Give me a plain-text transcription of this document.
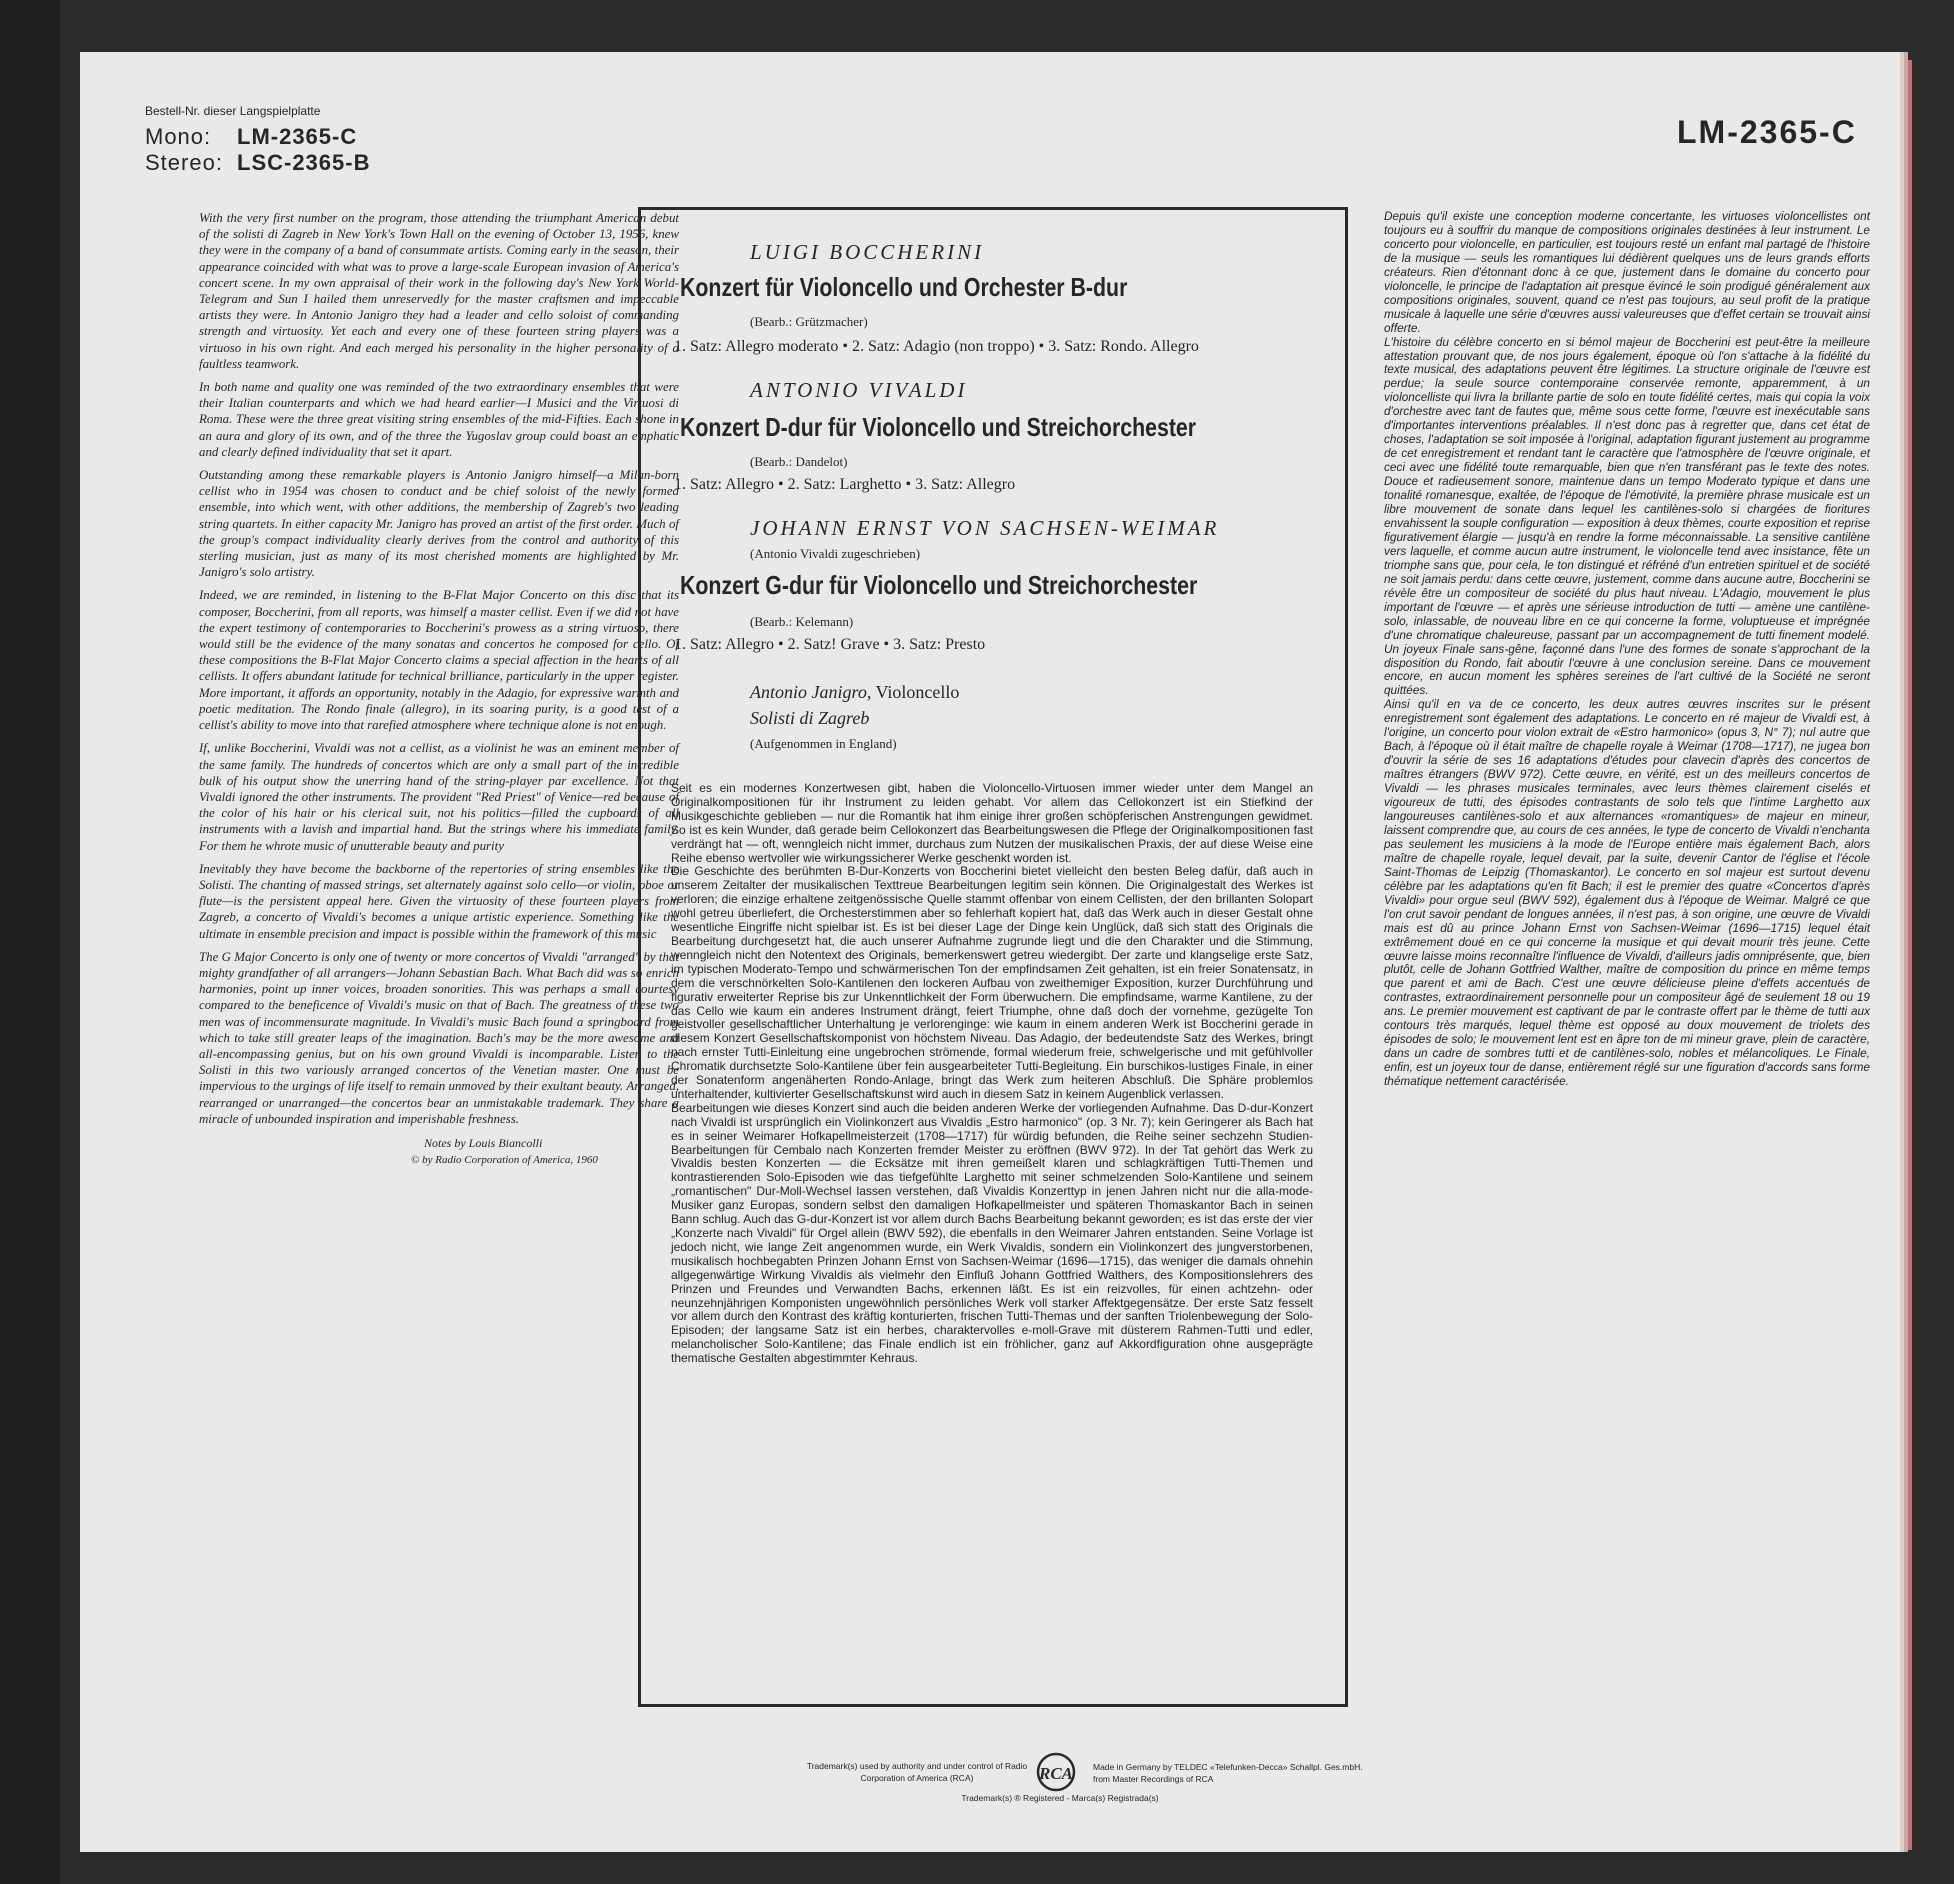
Bestell-Nr. dieser Langspielplatte
Mono: LM-2365-C
Stereo: LSC-2365-B
LM-2365-C

With the very first number on the program, those attending the triumphant American debut of the solisti di Zagreb in New York's Town Hall on the evening of October 13, 1956, knew they were in the company of a band of consummate artists. Coming early in the season, their appearance coincided with what was to prove a large-scale European invasion of America's concert scene. In my own appraisal of their work in the following day's New York World-Telegram and Sun I hailed them unreservedly for the master craftsmen and impeccable artists they were. In Antonio Janigro they had a leader and cello soloist of commanding strength and virtuosity. Yet each and every one of these fourteen string players was a virtuoso in his own right. And each merged his personality in the higher personality of a faultless teamwork.

In both name and quality one was reminded of the two extraordinary ensembles that were their Italian counterparts and which we had heard earlier—I Musici and the Virtuosi di Roma. These were the three great visiting string ensembles of the mid-Fifties. Each shone in an aura and glory of its own, and of the three the Yugoslav group could boast an emphatic and clearly defined individuality that set it apart.

Outstanding among these remarkable players is Antonio Janigro himself—a Milan-born cellist who in 1954 was chosen to conduct and be chief soloist of the newly formed ensemble, into which went, with other additions, the membership of Zagreb's two leading string quartets. In either capacity Mr. Janigro has proved an artist of the first order. Much of the group's compact individuality clearly derives from the control and authority of this sterling musician, just as many of its most cherished moments are highlighted by Mr. Janigro's solo artistry.

Indeed, we are reminded, in listening to the B-Flat Major Concerto on this disc that its composer, Boccherini, from all reports, was himself a master cellist. Even if we did not have the expert testimony of contemporaries to Boccherini's prowess as a string virtuoso, there would still be the evidence of the many sonatas and concertos he composed for cello. Of these compositions the B-Flat Major Concerto claims a special affection in the hearts of all cellists. It offers abundant latitude for technical brilliance, particularly in the upper register. More important, it affords an opportunity, notably in the Adagio, for expressive warmth and poetic meditation. The Rondo finale (allegro), in its soaring purity, is a good test of a cellist's ability to move into that rarefied atmosphere where technique alone is not enough.

If, unlike Boccherini, Vivaldi was not a cellist, as a violinist he was an eminent member of the same family. The hundreds of concertos which are only a small part of the incredible bulk of his output show the unerring hand of the string-player par excellence. Not that Vivaldi ignored the other instruments. The provident "Red Priest" of Venice—red because of the color of his hair or his clerical suit, not his politics—filled the cupboards of all instruments with a lavish and impartial hand. But the strings where his immediate family. For them he whrote music of unutterable beauty and purity

Inevitably they have become the backborne of the repertories of string ensembles like the Solisti. The chanting of massed strings, set alternately against solo cello—or violin, oboe or flute—is the persistent appeal here. Given the virtuosity of these fourteen players from Zagreb, a concerto of Vivaldi's becomes a unique artistic experience. Something like the ultimate in ensemble precision and impact is possible within the framework of this music

The G Major Concerto is only one of twenty or more concertos of Vivaldi "arranged" by that mighty grandfather of all arrangers—Johann Sebastian Bach. What Bach did was so enrich harmonies, point up inner voices, broaden sonorities. This was perhaps a small courtesy compared to the beneficence of Vivaldi's music on that of Bach. The greatness of these two men was of incommensurate magnitude. In Vivaldi's music Bach found a springboard from which to take still greater leaps of the imagination. Bach's may be the more awesome and all-encompassing genius, but on his own ground Vivaldi is incomparable. Listen to the Solisti in this two variously arranged concertos of the Venetian master. One must be impervious to the urgings of life itself to remain unmoved by their exultant beauty. Arranged, rearranged or unarranged—the concertos bear an unmistakable trademark. They share a miracle of unbounded inspiration and imperishable freshness.

Notes by Louis Biancolli
© by Radio Corporation of America, 1960
LUIGI BOCCHERINI
Konzert für Violoncello und Orchester B-dur
(Bearb.: Grützmacher)
1. Satz: Allegro moderato • 2. Satz: Adagio (non troppo) • 3. Satz: Rondo. Allegro
ANTONIO VIVALDI
Konzert D-dur für Violoncello und Streichorchester
(Bearb.: Dandelot)
1. Satz: Allegro • 2. Satz: Larghetto • 3. Satz: Allegro
JOHANN ERNST VON SACHSEN-WEIMAR
(Antonio Vivaldi zugeschrieben)
Konzert G-dur für Violoncello und Streichorchester
(Bearb.: Kelemann)
1. Satz: Allegro • 2. Satz! Grave • 3. Satz: Presto
Antonio Janigro, Violoncello
Solisti di Zagreb
(Aufgenommen in England)

Seit es ein modernes Konzertwesen gibt, haben die Violoncello-Virtuosen immer wieder unter dem Mangel an Originalkompositionen für ihr Instrument zu leiden gehabt. Vor allem das Cellokonzert ist ein Stiefkind der Musikgeschichte geblieben — nur die Romantik hat ihm einige ihrer großen schöpferischen Anstrengungen gewidmet. So ist es kein Wunder, daß gerade beim Cellokonzert das Bearbeitungswesen die Pflege der Originalkompositionen fast verdrängt hat — oft, wenngleich nicht immer, durchaus zum Nutzen der musikalischen Praxis, der auf diese Weise eine Reihe ebenso wertvoller wie wirkungssicherer Werke geschenkt worden ist.

Die Geschichte des berühmten B-Dur-Konzerts von Boccherini bietet vielleicht den besten Beleg dafür, daß auch in unserem Zeitalter der musikalischen Texttreue Bearbeitungen legitim sein können. Die Originalgestalt des Werkes ist verloren; die einzige erhaltene zeitgenössische Quelle stammt offenbar von einem Cellisten, der den brillanten Solopart wohl getreu überliefert, die Orchesterstimmen aber so fehlerhaft kopiert hat, daß das Werk auch in dieser Gestalt ohne wesentliche Eingriffe nicht spielbar ist. Es ist bei dieser Lage der Dinge kein Unglück, daß sich statt des Originals die Bearbeitung durchgesetzt hat, die auch unserer Aufnahme zugrunde liegt und die den Charakter und die Stimmung, wenngleich nicht den Notentext des Originals, bemerkenswert getreu wiedergibt. Der zarte und klangselige erste Satz, im typischen Moderato-Tempo und schwärmerischen Ton der empfindsamen Zeit gehalten, ist ein freier Sonatensatz, in dem die verschnörkelten Solo-Kantilenen den lockeren Aufbau von zweithemiger Exposition, kurzer Durchführung und figurativ erweiterter Reprise bis zur Unkenntlichkeit der Form überwuchern. Die empfindsame, warme Kantilene, zu der das Cello wie kaum ein anderes Instrument drängt, feiert Triumphe, ohne daß doch der vornehme, gezügelte Ton geistvoller gesellschaftlicher Unterhaltung je verlorenginge: wie kaum in einem anderen Werk ist Boccherini gerade in diesem Konzert Gesellschaftskomponist von höchstem Niveau. Das Adagio, der bedeutendste Satz des Werkes, bringt nach ernster Tutti-Einleitung eine ungebrochen strömende, formal wiederum freie, schwelgerische und mit gefühlvoller Chromatik durchsetzte Solo-Kantilene über fein ausgearbeiteter Tutti-Begleitung. Ein burschikos-lustiges Finale, in einer der Sonatenform angenäherten Rondo-Anlage, bringt das Werk zum heiteren Abschluß. Die Sphäre problemlos unterhaltender, kultivierter Gesellschaftskunst wird auch in diesem Satz in keinem Augenblick verlassen.

Bearbeitungen wie dieses Konzert sind auch die beiden anderen Werke der vorliegenden Aufnahme. Das D-dur-Konzert nach Vivaldi ist ursprünglich ein Violinkonzert aus Vivaldis „Estro harmonico" (op. 3 Nr. 7); kein Geringerer als Bach hat es in seiner Weimarer Hofkapellmeisterzeit (1708—1717) für würdig befunden, die Reihe seiner sechzehn Studien-Bearbeitungen für Cembalo nach Konzerten fremder Meister zu eröffnen (BWV 972). In der Tat gehört das Werk zu Vivaldis besten Konzerten — die Ecksätze mit ihren gemeißelt klaren und schlagkräftigen Tutti-Themen und kontrastierenden Solo-Episoden wie das tiefgefühlte Larghetto mit seiner schmelzenden Solo-Kantilene und seinem „romantischen" Dur-Moll-Wechsel lassen verstehen, daß Vivaldis Konzerttyp in jenen Jahren nicht nur die alla-mode-Musiker ganz Europas, sondern selbst den damaligen Hofkapellmeister und späteren Thomaskantor Bach in seinen Bann schlug. Auch das G-dur-Konzert ist vor allem durch Bachs Bearbeitung bekannt geworden; es ist das erste der vier „Konzerte nach Vivaldi" für Orgel allein (BWV 592), die ebenfalls in den Weimarer Jahren entstanden. Seine Vorlage ist jedoch nicht, wie lange Zeit angenommen wurde, ein Werk Vivaldis, sondern ein Violinkonzert des jungverstorbenen, musikalisch hochbegabten Prinzen Johann Ernst von Sachsen-Weimar (1696—1715), das weniger die damals ohnehin allgegenwärtige Wirkung Vivaldis als vielmehr den Einfluß Johann Gottfried Walthers, des Kompositionslehrers des Prinzen und Freundes und Verwandten Bachs, erkennen läßt. Es ist ein reizvolles, für einen achtzehn- oder neunzehnjährigen Komponisten ungewöhnlich persönliches Werk voll starker Affektgegensätze. Der erste Satz fesselt vor allem durch den Kontrast des kräftig konturierten, frischen Tutti-Themas und der sanften Triolenbewegung der Solo-Episoden; der langsame Satz ist ein herbes, charaktervolles e-moll-Grave mit düsterem Rahmen-Tutti und edler, melancholischer Solo-Kantilene; das Finale endlich ist ein fröhlicher, ganz auf Akkordfiguration ohne ausgeprägte thematische Gestalten abgestimmter Kehraus.

Depuis qu'il existe une conception moderne concertante, les virtuoses violoncellistes ont toujours eu à souffrir du manque de compositions originales destinées à leur instrument. Le concerto pour violoncelle, en particulier, est toujours resté un enfant mal partagé de l'histoire de la musique — seuls les romantiques lui dédièrent quelques uns de leurs grands efforts créateurs. Rien d'étonnant donc à ce que, justement dans le domaine du concerto pour violoncelle, le principe de l'adaptation ait presque évincé le soin prodigué généralement aux compositions originales, souvent, quand ce n'est pas toujours, au seul profit de la pratique musicale à laquelle une série d'œuvres aussi valeureuses que d'effet certain se trouvait ainsi offerte.

L'histoire du célèbre concerto en si bémol majeur de Boccherini est peut-être la meilleure attestation prouvant que, de nos jours également, époque où l'on s'attache à la fidélité du texte musical, des adaptations peuvent être légitimes. La structure originale de l'œuvre est perdue; la seule source contemporaine conservée remonte, apparemment, à un violoncelliste qui livra la brillante partie de solo en toute fidélité certes, mais qui copia la voix d'orchestre avec tant de fautes que, même sous cette forme, l'œuvre est inexécutable sans d'importantes interventions préalables. Il n'est donc pas à regretter que, dans cet état de choses, l'adaptation se soit imposée à l'original, adaptation figurant justement au programme de cet enregistrement et rendant tant le caractère que l'atmosphère de l'œuvre originale, et ceci avec une fidélité toute remarquable, bien que n'en transférant pas le texte des notes. Douce et radieusement sonore, maintenue dans un tempo Moderato typique et dans une tonalité romanesque, exaltée, de l'époque de l'émotivité, la première phrase musicale est un libre mouvement de sonate dans lequel les cantilènes-solo si chargées de fioritures envahissent la souple configuration — exposition à deux thèmes, courte exposition et reprise figurativement élargie — jusqu'à en rendre la forme méconnaissable. La sensitive cantilène vers laquelle, et comme aucun autre instrument, le violoncelle tend avec insistance, fête un triomphe sans que, pour cela, le ton distingué et réfréné d'un entretien spirituel et de société ne soit jamais perdu: dans cette œuvre, justement, comme dans aucune autre, Boccherini se révèle être un compositeur de société du plus haut niveau. L'Adagio, mouvement le plus important de l'œuvre — et après une sérieuse introduction de tutti — amène une cantilène-solo, inlassable, de nouveau libre en ce qui concerne la forme, voluptueuse et imprégnée d'une chromatique chaleureuse, passant par un accompagnement de tutti finement modelé. Un joyeux Finale sans-gêne, façonné dans l'une des formes de sonate s'approchant de la disposition du Rondo, fait aboutir l'œuvre à une conclusion sereine. Dans ce mouvement encore, en aucun moment les sphères sereines de l'art cultivé de la Société ne seront quittées.

Ainsi qu'il en va de ce concerto, les deux autres œuvres inscrites sur le présent enregistrement sont également des adaptations. Le concerto en ré majeur de Vivaldi est, à l'origine, un concerto pour violon extrait de «Estro harmonico» (opus 3, N° 7); nul autre que Bach, à l'époque où il était maître de chapelle royale à Weimar (1708—1717), ne jugea bon d'ouvrir la série de ses 16 adaptations d'études pour clavecin d'après des concertos de maîtres étrangers (BWV 972). Cette œuvre, en vérité, est un des meilleurs concertos de Vivaldi — les phrases musicales terminales, avec leurs thèmes clairement ciselés et vigoureux de tutti, des épisodes contrastants de solo tels que l'intime Larghetto aux langoureuses cantilènes-solo et aux alternances «romantiques» de majeur en mineur, laissent comprendre que, au cours de ces années, le type de concerto de Vivaldi n'enchanta pas seulement les musiciens à la mode de l'Europe entière mais également Bach, alors maître de chapelle royale, lequel devait, par la suite, devenir Cantor de l'église et l'école Saint-Thomas de Leipzig (Thomaskantor). Le concerto en sol majeur est surtout devenu célèbre par les adaptations qu'en fit Bach; il est le premier des quatre «Concertos d'après Vivaldi» pour orgue seul (BWV 592), également dus à l'époque de Weimar. Malgré ce que l'on crut savoir pendant de longues années, il n'est pas, à son origine, une œuvre de Vivaldi mais est dû au prince Johann Ernst von Sachsen-Weimar (1696—1715) lequel était extrêmement doué en ce qui concerne la musique et qui devait mourir très jeune. Cette œuvre laisse moins reconnaître l'influence de Vivaldi, d'ailleurs jadis omniprésente, que, bien plutôt, celle de Johann Gottfried Walther, maître de composition du prince en même temps que parent et ami de Bach. C'est une œuvre délicieuse pleine d'effets accentués de contrastes, extraordinairement personnelle pour un compositeur âgé de seulement 18 ou 19 ans. Le premier mouvement est captivant de par le contraste offert par le thème de tutti aux contours très marqués, lequel thème est opposé au doux mouvement de triolets des épisodes de solo; le mouvement lent est en âpre ton de mi mineur grave, plein de caractère, dans un cadre de sombres tutti et de cantilènes-solo, nobles et mélancoliques. Le Finale, enfin, est un joyeux tour de danse, entièrement réglé sur une figuration d'accords sans forme thématique nettement caractérisée.

Trademark(s) used by authority and under control of Radio Corporation of America (RCA)	RCA Made in Germany by TELDEC «Telefunken-Decca» Schallpl. Ges.mbH. from Master Recordings of RCA
Trademark(s) ® Registered - Marca(s) Registrada(s)
